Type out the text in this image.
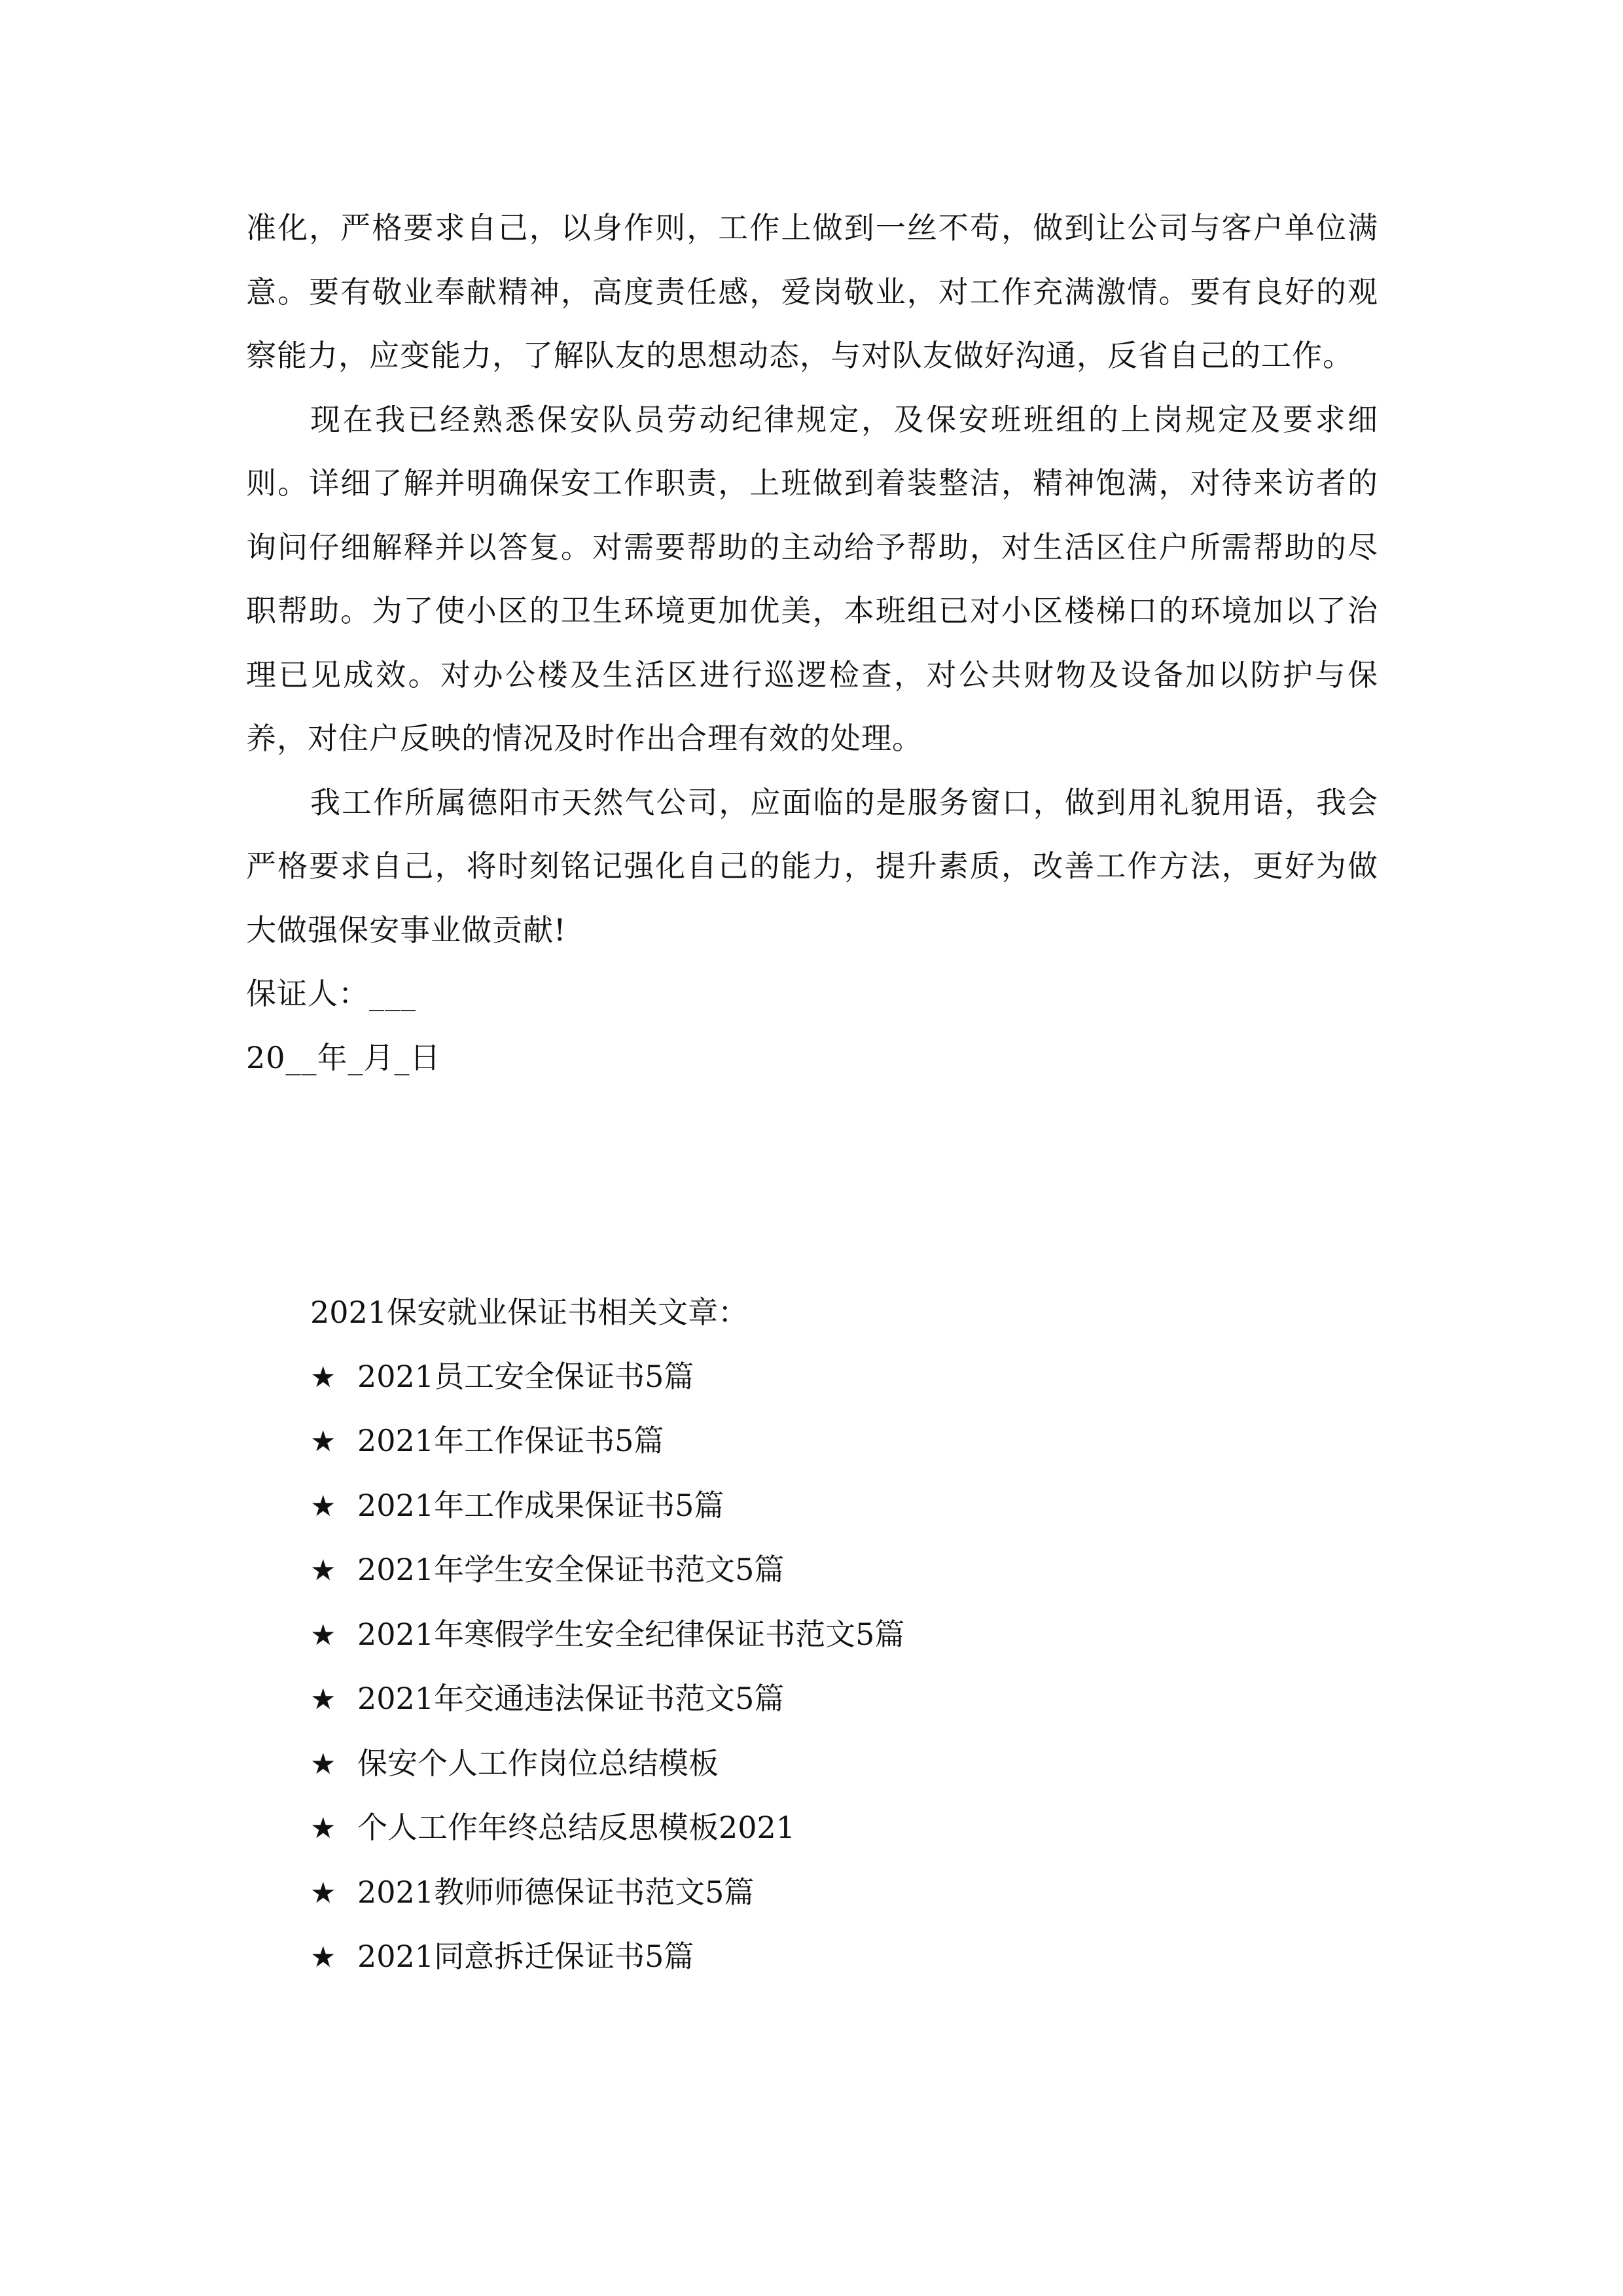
准化，严格要求自己，以身作则，工作上做到一丝不苟，做到让公司与客户单位满意。要有敬业奉献精神，高度责任感，爱岗敬业，对工作充满激情。要有良好的观察能力，应变能力，了解队友的思想动态，与对队友做好沟通，反省自己的工作。

现在我已经熟悉保安队员劳动纪律规定，及保安班班组的上岗规定及要求细则。详细了解并明确保安工作职责，上班做到着装整洁，精神饱满，对待来访者的询问仔细解释并以答复。对需要帮助的主动给予帮助，对生活区住户所需帮助的尽职帮助。为了使小区的卫生环境更加优美，本班组已对小区楼梯口的环境加以了治理已见成效。对办公楼及生活区进行巡逻检查，对公共财物及设备加以防护与保养，对住户反映的情况及时作出合理有效的处理。

我工作所属德阳市天然气公司，应面临的是服务窗口，做到用礼貌用语，我会严格要求自己，将时刻铭记强化自己的能力，提升素质，改善工作方法，更好为做大做强保安事业做贡献!

保证人：___

20__年_月_日

2021保安就业保证书相关文章：
★ 2021员工安全保证书5篇
★ 2021年工作保证书5篇
★ 2021年工作成果保证书5篇
★ 2021年学生安全保证书范文5篇
★ 2021年寒假学生安全纪律保证书范文5篇
★ 2021年交通违法保证书范文5篇
★ 保安个人工作岗位总结模板
★ 个人工作年终总结反思模板2021
★ 2021教师师德保证书范文5篇
★ 2021同意拆迁保证书5篇
